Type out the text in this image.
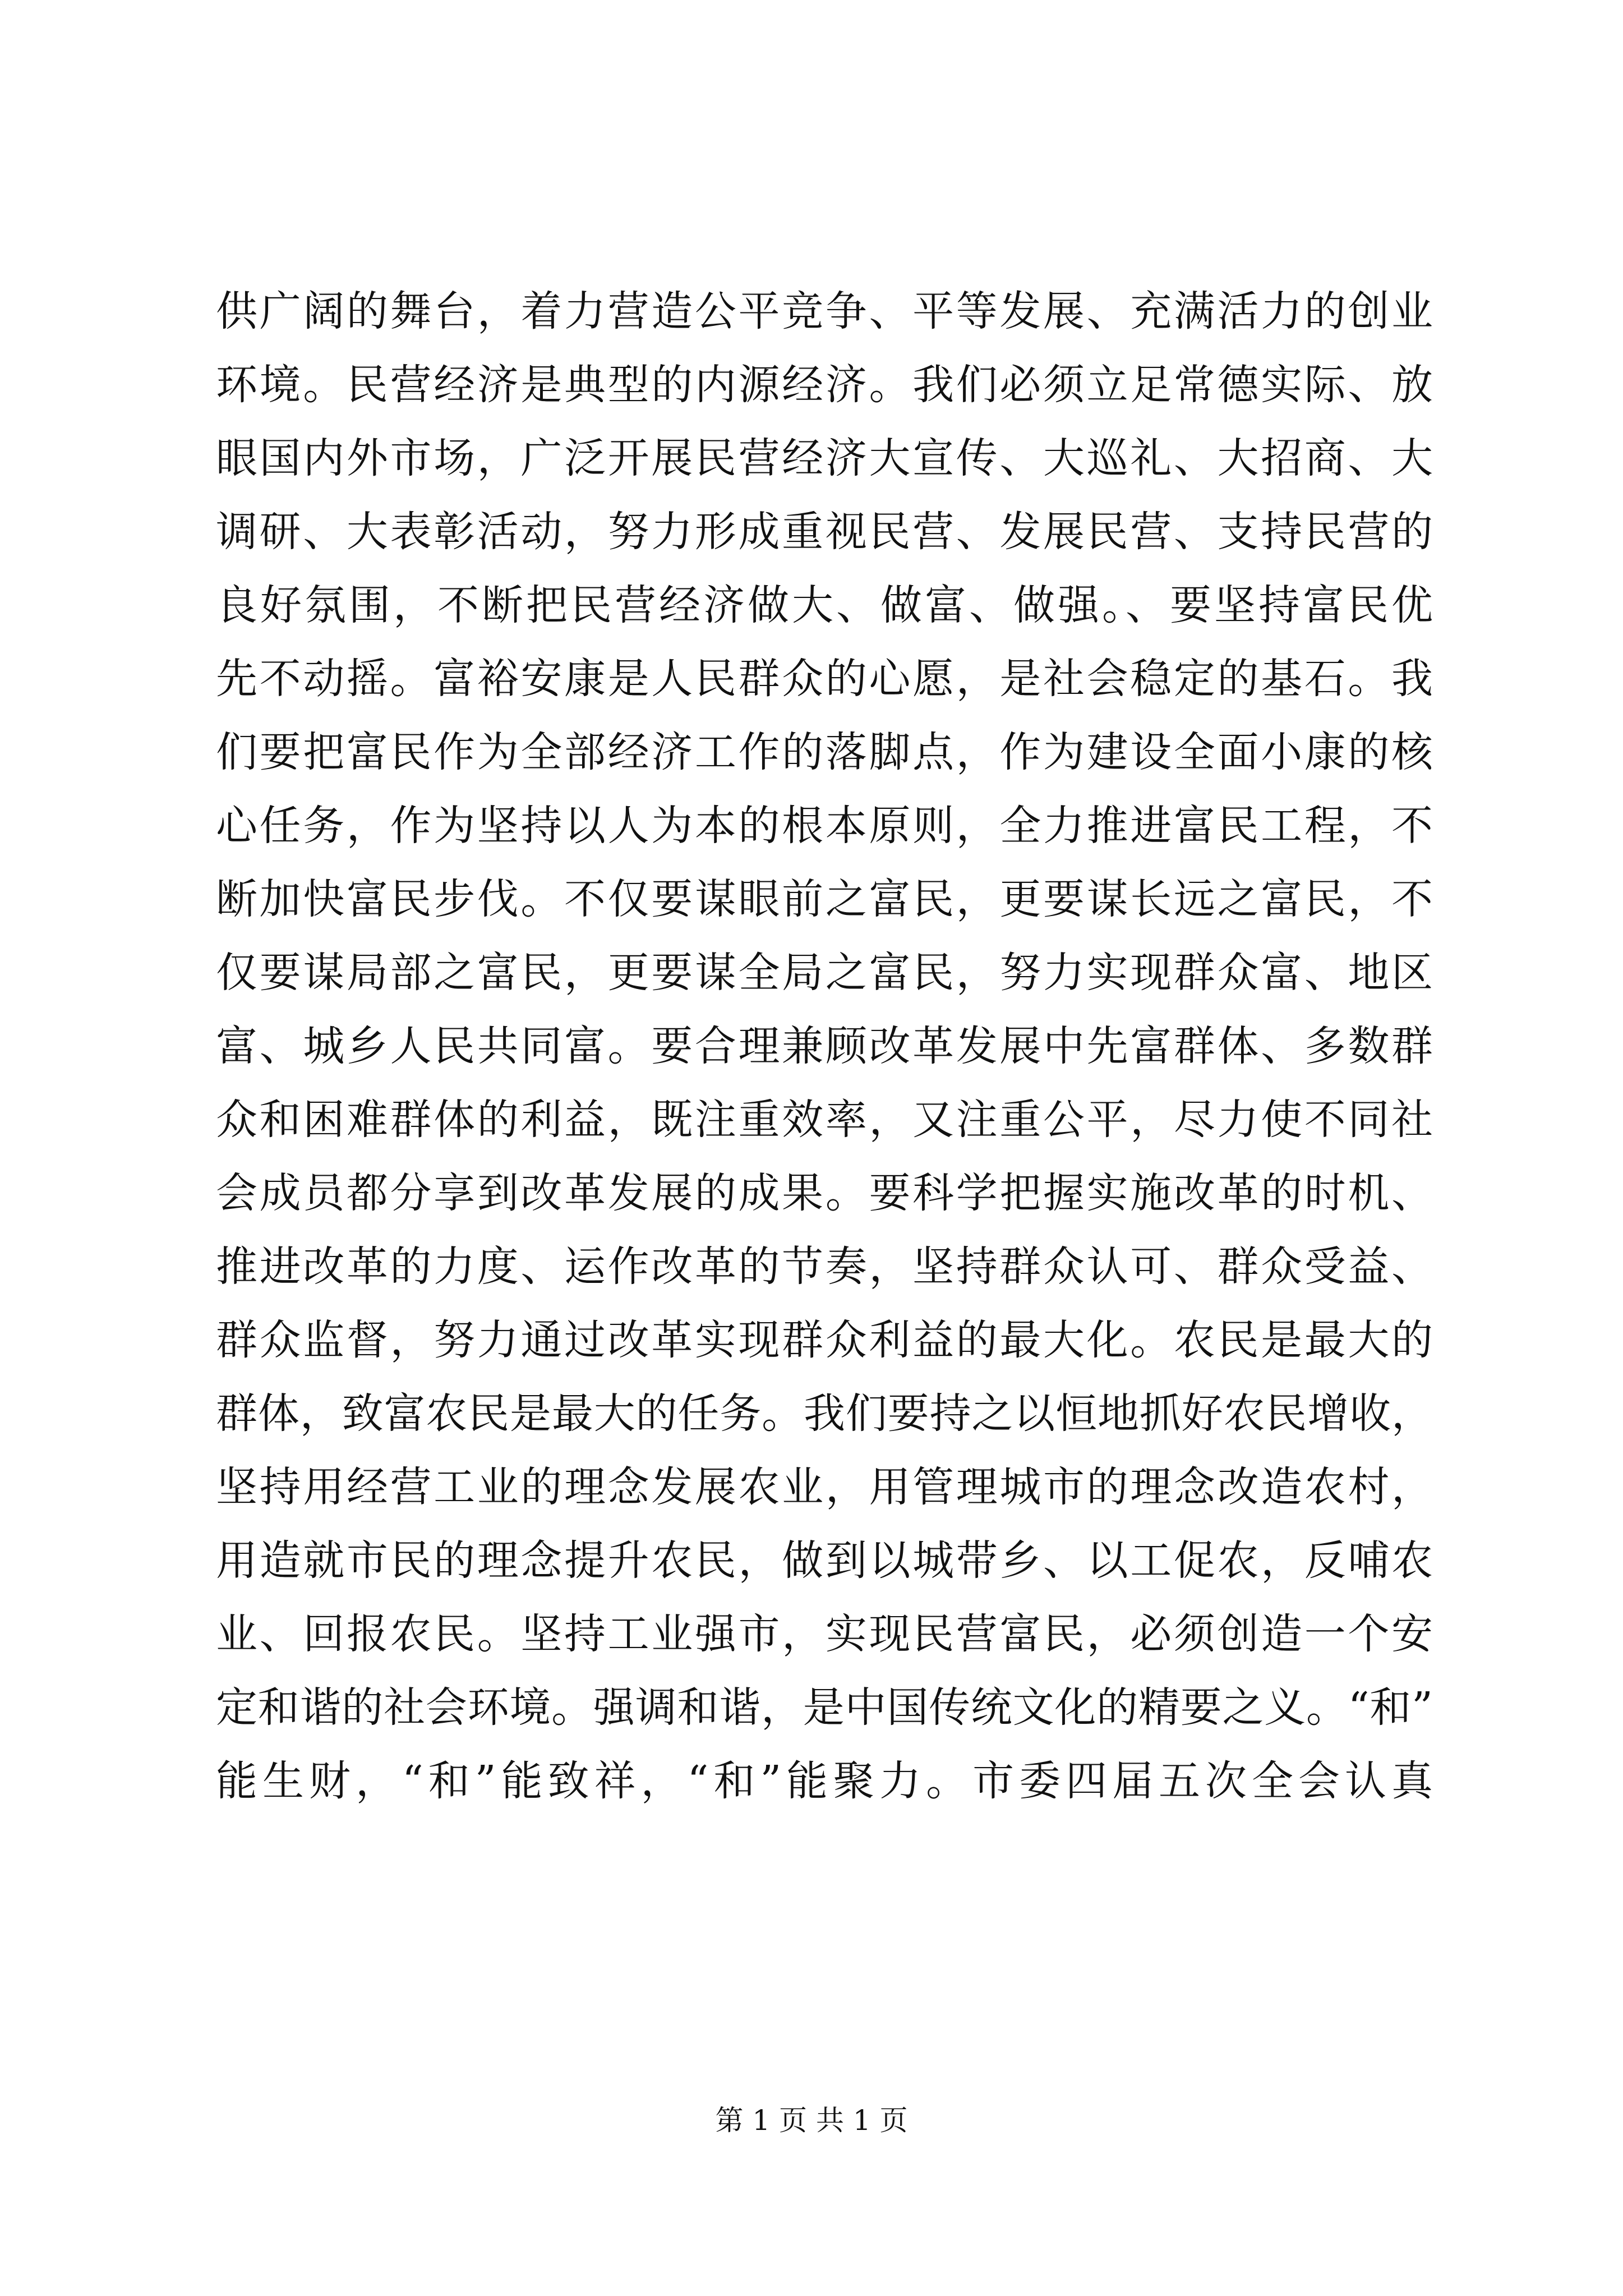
供广阔的舞台，着力营造公平竞争、平等发展、充满活力的创业
环境。民营经济是典型的内源经济。我们必须立足常德实际、放
眼国内外市场，广泛开展民营经济大宣传、大巡礼、大招商、大
调研、大表彰活动，努力形成重视民营、发展民营、支持民营的
良好氛围，不断把民营经济做大、做富、做强。、要坚持富民优
先不动摇。富裕安康是人民群众的心愿，是社会稳定的基石。我
们要把富民作为全部经济工作的落脚点，作为建设全面小康的核
心任务，作为坚持以人为本的根本原则，全力推进富民工程，不
断加快富民步伐。不仅要谋眼前之富民，更要谋长远之富民，不
仅要谋局部之富民，更要谋全局之富民，努力实现群众富、地区
富、城乡人民共同富。要合理兼顾改革发展中先富群体、多数群
众和困难群体的利益，既注重效率，又注重公平，尽力使不同社
会成员都分享到改革发展的成果。要科学把握实施改革的时机、
推进改革的力度、运作改革的节奏，坚持群众认可、群众受益、
群众监督，努力通过改革实现群众利益的最大化。农民是最大的
群体，致富农民是最大的任务。我们要持之以恒地抓好农民增收，
坚持用经营工业的理念发展农业，用管理城市的理念改造农村，
用造就市民的理念提升农民，做到以城带乡、以工促农，反哺农
业、回报农民。坚持工业强市，实现民营富民，必须创造一个安
定和谐的社会环境。强调和谐，是中国传统文化的精要之义。“和”
能生财，“和”能致祥，“和”能聚力。市委四届五次全会认真
第 1 页 共 1 页
